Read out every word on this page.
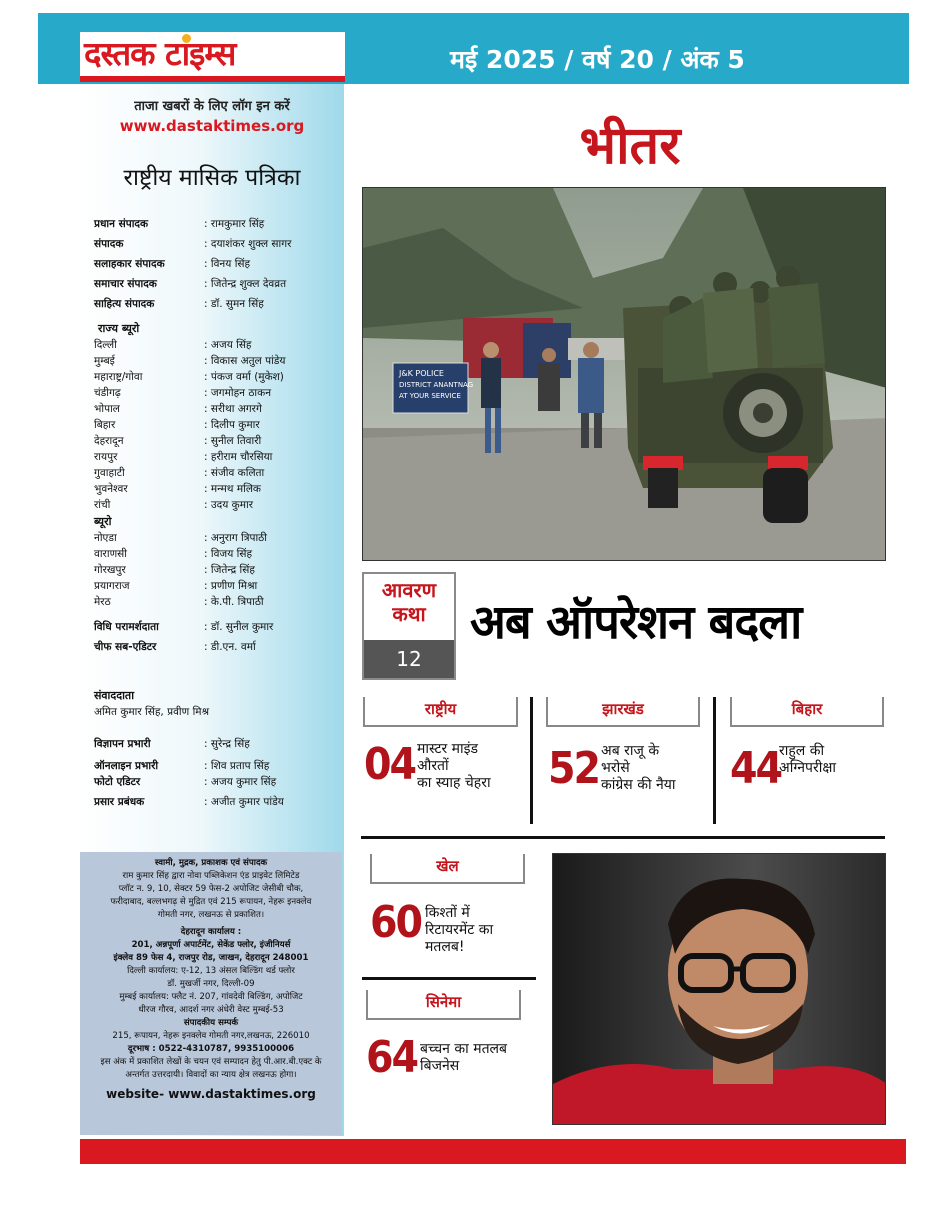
दस्तक टाइम्स	मई 2025 / वर्ष 20 / अंक 5
ताजा खबरों के लिए लॉग इन करें
www.dastaktimes.org
राष्ट्रीय मासिक पत्रिका
प्रधान संपादक	: रामकुमार सिंह
संपादक	: दयाशंकर शुक्ल सागर
सलाहकार संपादक	: विनय सिंह
समाचार संपादक	: जितेन्द्र शुक्ल देवव्रत
साहित्य संपादक	: डॉ. सुमन सिंह
राज्य ब्यूरो
दिल्ली	: अजय सिंह
मुम्बई	: विकास अतुल पांडेय
महाराष्ट्र/गोवा	: पंकज वर्मा (मुकेश)
चंडीगढ़	: जगमोहन ठाकन
भोपाल	: सरीथा अगरगे
बिहार	: दिलीप कुमार
देहरादून	: सुनील तिवारी
रायपुर	: हरीराम चौरसिया
गुवाहाटी	: संजीव कलिता
भुवनेश्वर	: मन्मथ मलिक
रांची	: उदय कुमार
ब्यूरो
नोएडा	: अनुराग त्रिपाठी
वाराणसी	: विजय सिंह
गोरखपुर	: जितेन्द्र सिंह
प्रयागराज	: प्रणीण मिश्रा
मेरठ	: के.पी. त्रिपाठी
विधि परामर्शदाता	: डॉ. सुनील कुमार
चीफ सब-एडिटर	: डी.एन. वर्मा
संवाददाता
अमित कुमार सिंह, प्रवीण मिश्र
विज्ञापन प्रभारी	: सुरेन्द्र सिंह
ऑनलाइन प्रभारी	: शिव प्रताप सिंह
फोटो एडिटर	: अजय कुमार सिंह
प्रसार प्रबंधक	: अजीत कुमार पांडेय
स्वामी, मुद्रक, प्रकाशक एवं संपादक
राम कुमार सिंह द्वारा नोवा पब्लिकेशन एंड प्राइवेट लिमिटेड
प्लॉट न. 9, 10, सेक्टर 59 फेस-2 अपोजिट जेसीबी चौक,
फरीदाबाद, बल्लभगढ़ से मुद्रित एवं 215 रूपायन, नेहरू इनक्लेव
गोमती नगर, लखनऊ से प्रकाशित।
देहरादून कार्यालय :
201, अन्नपूर्णा अपार्टमेंट, सेकेंड फ्लोर, इंजीनियर्स
इंक्लेव 89 फेस 4, राजपुर रोड, जाखन, देहरादून 248001
दिल्ली कार्यालय: ए-12, 13 अंसल बिल्डिंग थर्ड फ्लोर
डॉ. मुखर्जी नगर, दिल्ली-09
मुम्बई कार्यालय: फ्लैट नं. 207, गांवदेवी बिल्डिंग, अपोजिट
धीरज गौरव, आदर्श नगर अंधेरी वेस्ट मुम्बई-53
संपादकीय सम्पर्क
215, रूपायन, नेहरू इनक्लेव गोमती नगर,लखनऊ, 226010
दूरभाष : 0522-4310787, 9935100006
इस अंक में प्रकाशित लेखों के चयन एवं सम्पादन हेतु पी.आर.बी.एक्ट के
अन्तर्गत उत्तरदायी। विवादों का न्याय क्षेत्र लखनऊ होगा।
website- www.dastaktimes.org
भीतर
J&K POLICE
DISTRICT ANANTNAG
AT YOUR SERVICE
आवरण कथा
12
अब ऑपरेशन बदला
राष्ट्रीय
04 मास्टर माइंड
औरतों
का स्याह चेहरा
झारखंड
52 अब राजू के
भरोसे
कांग्रेस की नैया
बिहार
44
राहुल की
अग्निपरीक्षा
खेल
60 किश्तों में
रिटायरमेंट का
मतलब!
सिनेमा
64 बच्चन का मतलब
बिजनेस
